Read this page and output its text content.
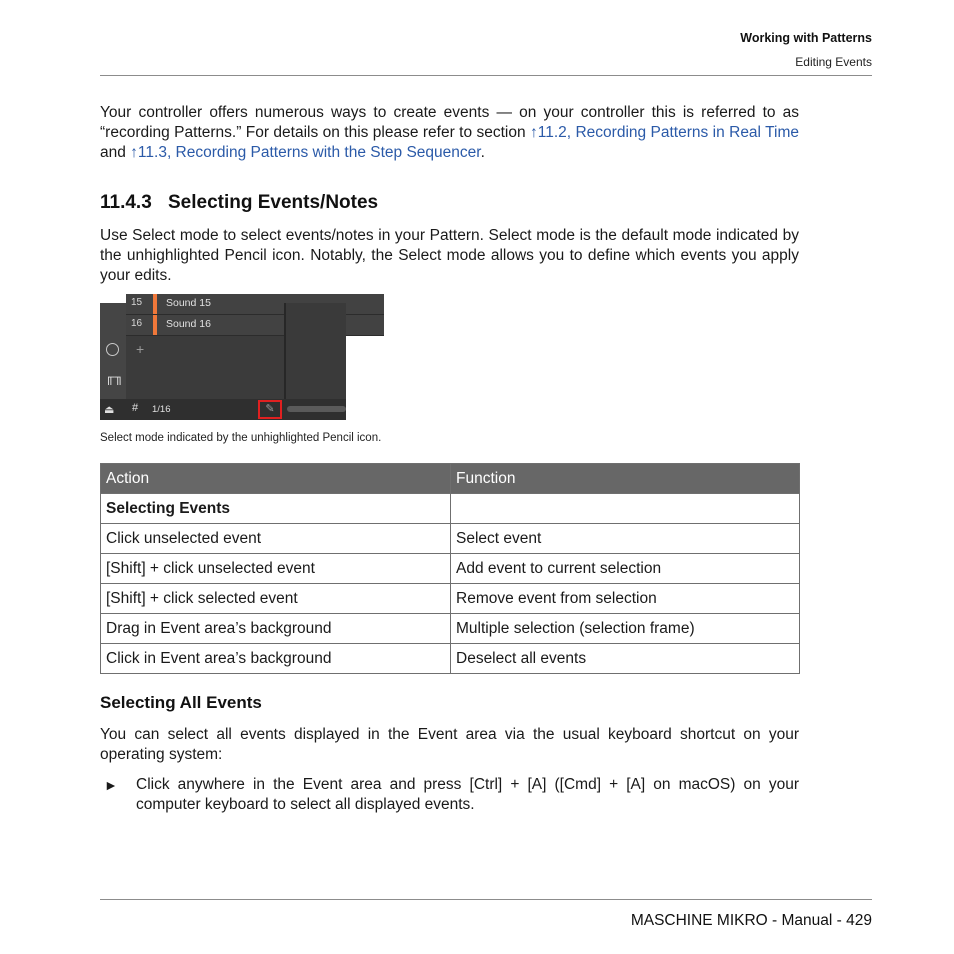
Working with Patterns
Editing Events

Your controller offers numerous ways to create events — on your controller this is referred to as “recording Patterns.” For details on this please refer to section ↑11.2, Recording Patterns in Real Time and ↑11.3, Recording Patterns with the Step Sequencer.

11.4.3 Selecting Events/Notes

Use Select mode to select events/notes in your Pattern. Select mode is the default mode indicated by the unhighlighted Pencil icon. Notably, the Select mode allows you to define which events you apply your edits.

15 Sound 15
16 Sound 16
+
╓╖
⏏ # 1/16	✎

Select mode indicated by the unhighlighted Pencil icon.

Action	Function
Selecting Events	
Click unselected event	Select event
[Shift] + click unselected event	Add event to current selection
[Shift] + click selected event	Remove event from selection
Drag in Event area’s background	Multiple selection (selection frame)
Click in Event area’s background	Deselect all events
Selecting All Events

You can select all events displayed in the Event area via the usual keyboard shortcut on your operating system:

► Click anywhere in the Event area and press [Ctrl] + [A] ([Cmd] + [A] on macOS) on your computer keyboard to select all displayed events.
MASCHINE MIKRO - Manual - 429
